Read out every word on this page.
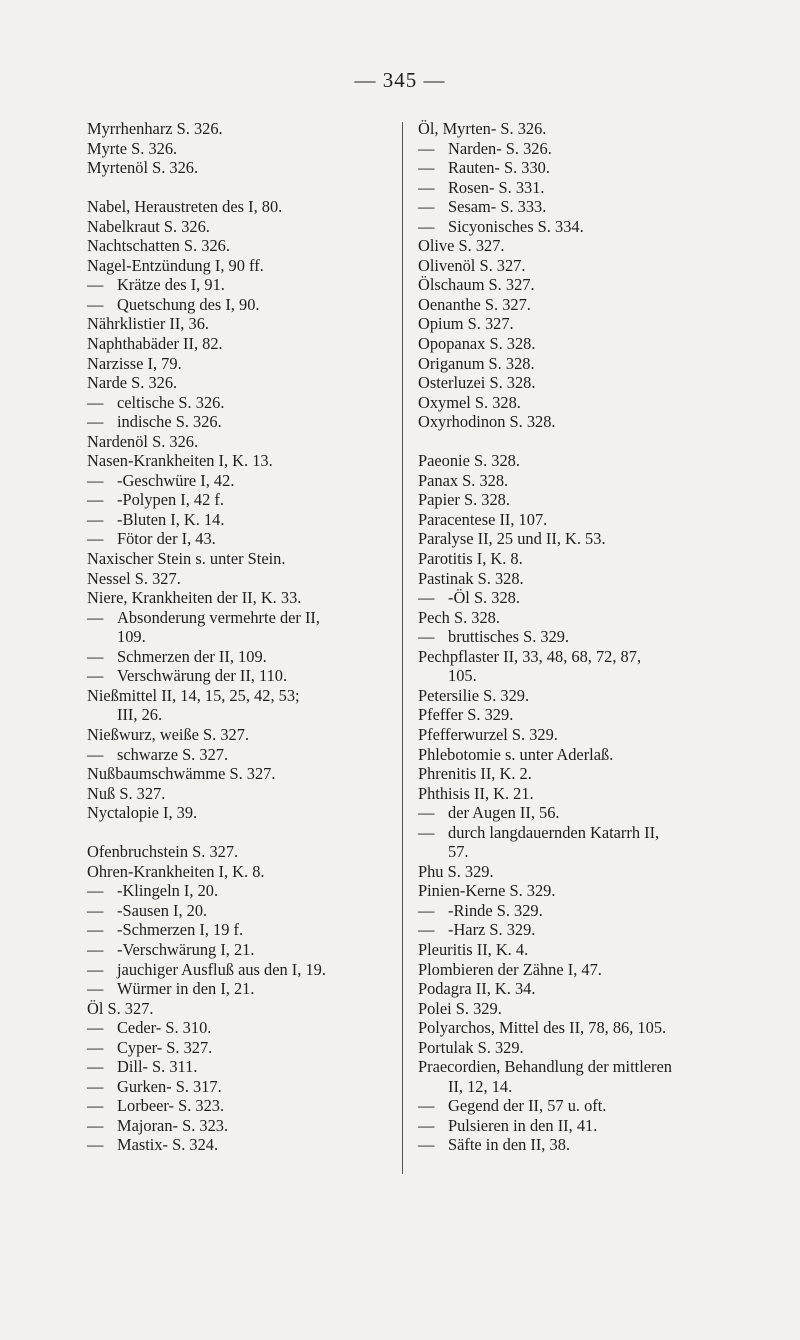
— 345 —
Myrrhenharz S. 326.
Myrte S. 326.
Myrtenöl S. 326.
Nabel, Heraustreten des I, 80.
Nabelkraut S. 326.
Nachtschatten S. 326.
Nagel-Entzündung I, 90 ff.
— Krätze des I, 91.
— Quetschung des I, 90.
Nährklistier II, 36.
Naphthabäder II, 82.
Narzisse I, 79.
Narde S. 326.
— celtische S. 326.
— indische S. 326.
Nardenöl S. 326.
Nasen-Krankheiten I, K. 13.
— -Geschwüre I, 42.
— -Polypen I, 42 f.
— -Bluten I, K. 14.
— Fötor der I, 43.
Naxischer Stein s. unter Stein.
Nessel S. 327.
Niere, Krankheiten der II, K. 33.
— Absonderung vermehrte der II,
109.
— Schmerzen der II, 109.
— Verschwärung der II, 110.
Nießmittel II, 14, 15, 25, 42, 53;
III, 26.
Nießwurz, weiße S. 327.
— schwarze S. 327.
Nußbaumschwämme S. 327.
Nuß S. 327.
Nyctalopie I, 39.
Ofenbruchstein S. 327.
Ohren-Krankheiten I, K. 8.
— -Klingeln I, 20.
— -Sausen I, 20.
— -Schmerzen I, 19 f.
— -Verschwärung I, 21.
— jauchiger Ausfluß aus den I, 19.
— Würmer in den I, 21.
Öl S. 327.
— Ceder- S. 310.
— Cyper- S. 327.
— Dill- S. 311.
— Gurken- S. 317.
— Lorbeer- S. 323.
— Majoran- S. 323.
— Mastix- S. 324.
Öl, Myrten- S. 326.
— Narden- S. 326.
— Rauten- S. 330.
— Rosen- S. 331.
— Sesam- S. 333.
— Sicyonisches S. 334.
Olive S. 327.
Olivenöl S. 327.
Ölschaum S. 327.
Oenanthe S. 327.
Opium S. 327.
Opopanax S. 328.
Origanum S. 328.
Osterluzei S. 328.
Oxymel S. 328.
Oxyrhodinon S. 328.
Paeonie S. 328.
Panax S. 328.
Papier S. 328.
Paracentese II, 107.
Paralyse II, 25 und II, K. 53.
Parotitis I, K. 8.
Pastinak S. 328.
— -Öl S. 328.
Pech S. 328.
— bruttisches S. 329.
Pechpflaster II, 33, 48, 68, 72, 87,
105.
Petersilie S. 329.
Pfeffer S. 329.
Pfefferwurzel S. 329.
Phlebotomie s. unter Aderlaß.
Phrenitis II, K. 2.
Phthisis II, K. 21.
— der Augen II, 56.
— durch langdauernden Katarrh II,
57.
Phu S. 329.
Pinien-Kerne S. 329.
— -Rinde S. 329.
— -Harz S. 329.
Pleuritis II, K. 4.
Plombieren der Zähne I, 47.
Podagra II, K. 34.
Polei S. 329.
Polyarchos, Mittel des II, 78, 86, 105.
Portulak S. 329.
Praecordien, Behandlung der mittleren
II, 12, 14.
— Gegend der II, 57 u. oft.
— Pulsieren in den II, 41.
— Säfte in den II, 38.
